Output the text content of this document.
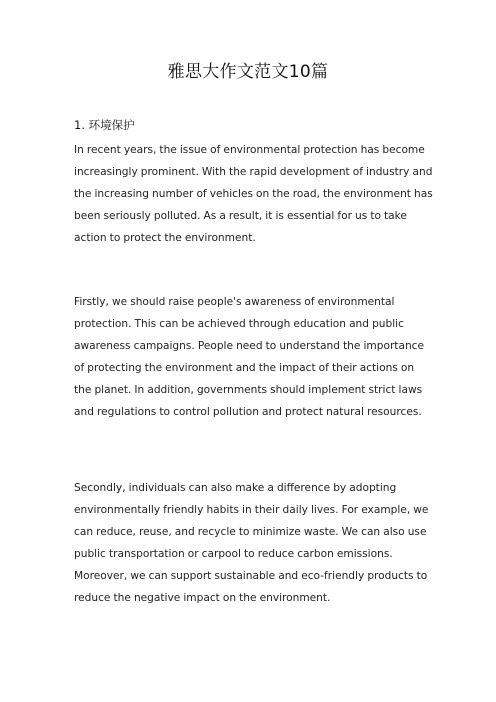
雅思大作文范文10篇
1. 环境保护

In recent years, the issue of environmental protection has become increasingly prominent. With the rapid development of industry and the increasing number of vehicles on the road, the environment has been seriously polluted. As a result, it is essential for us to take action to protect the environment.

Firstly, we should raise people's awareness of environmental protection. This can be achieved through education and public awareness campaigns. People need to understand the importance of protecting the environment and the impact of their actions on the planet. In addition, governments should implement strict laws and regulations to control pollution and protect natural resources.

Secondly, individuals can also make a difference by adopting environmentally friendly habits in their daily lives. For example, we can reduce, reuse, and recycle to minimize waste. We can also use public transportation or carpool to reduce carbon emissions. Moreover, we can support sustainable and eco-friendly products to reduce the negative impact on the environment.
